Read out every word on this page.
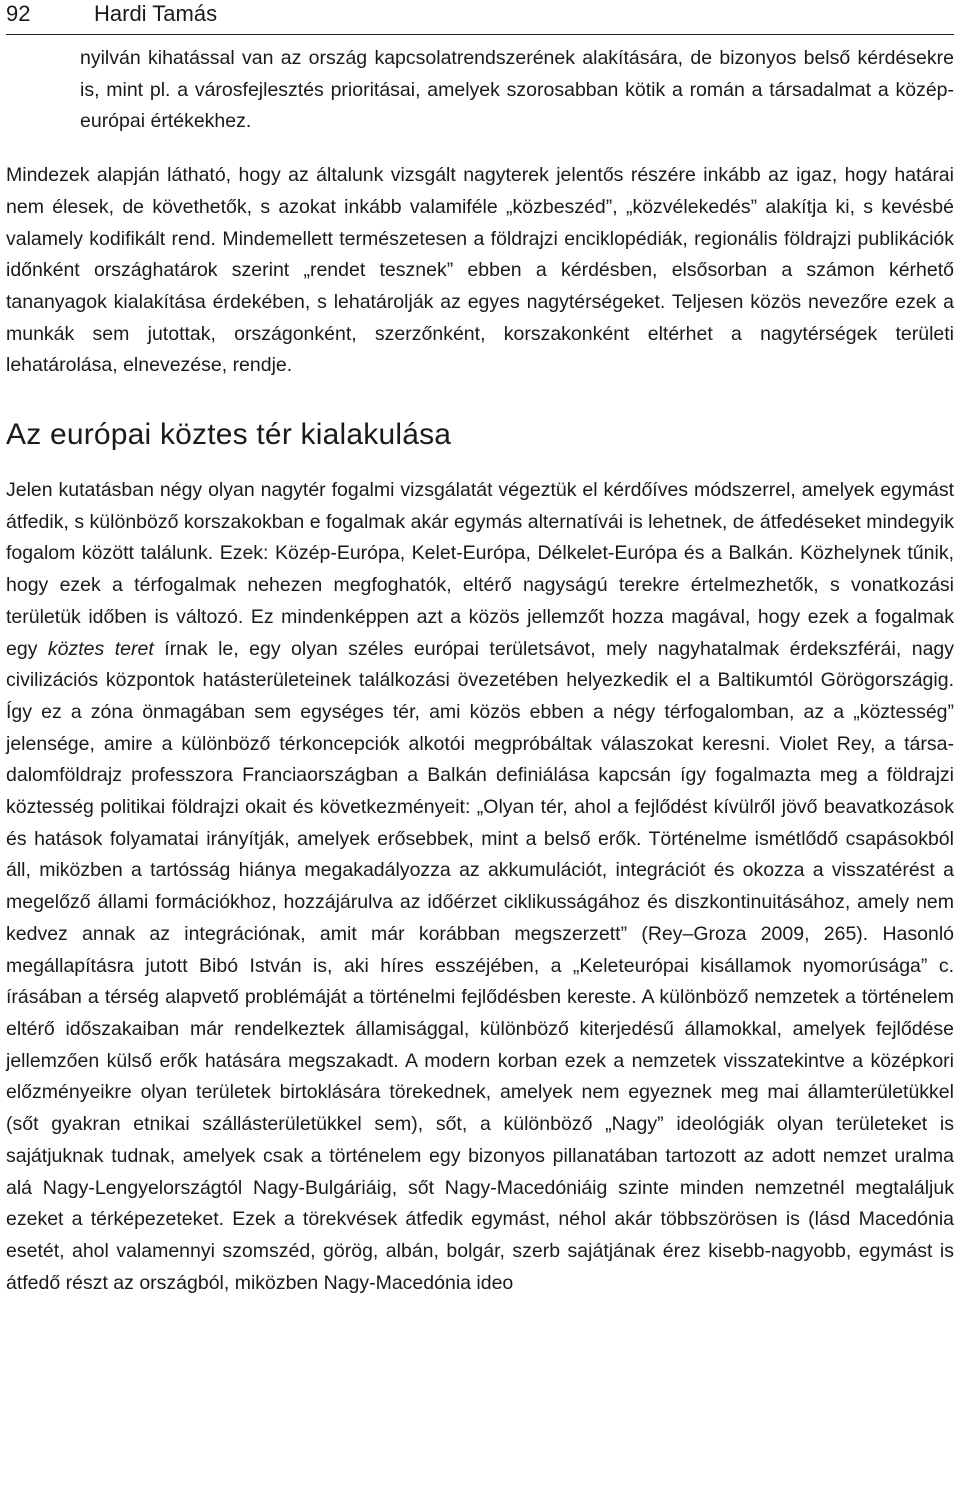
92	Hardi Tamás

nyilván kihatással van az ország kapcsolatrendszerének alakítására, de bizonyos belső kérdésekre is, mint pl. a városfejlesztés prioritásai, amelyek szorosabban kötik a román a társadalmat a közép-európai értékekhez.

Mindezek alapján látható, hogy az általunk vizsgált nagyterek jelentős részére inkább az igaz, hogy határai nem élesek, de követhetők, s azokat inkább valamiféle „közbeszéd”, „közvélekedés” alakítja ki, s kevésbé valamely kodifikált rend. Mindemellett természetesen a földrajzi enciklopédiák, regionális földrajzi publikációk időnként országhatárok szerint „rendet tesznek” ebben a kérdésben, elsősorban a számon kérhető tananyagok kialakítása érdekében, s lehatárolják az egyes nagytérségeket. Teljesen közös nevezőre ezek a munkák sem jutottak, országonként, szerzőnként, korszakonként eltérhet a nagytérségek területi lehatárolása, elnevezése, rendje.

Az európai köztes tér kialakulása

Jelen kutatásban négy olyan nagytér fogalmi vizsgálatát végeztük el kérdőíves módszerrel, amelyek egymást átfedik, s különböző korszakokban e fogalmak akár egymás alternatívái is lehetnek, de átfedéseket mindegyik fogalom között találunk. Ezek: Közép-Európa, Kelet-Európa, Délkelet-Európa és a Balkán. Közhelynek tűnik, hogy ezek a térfogalmak nehezen megfoghatók, eltérő nagyságú terekre értelmezhetők, s vonatkozási területük időben is változó. Ez mindenképpen azt a közös jellemzőt hozza magával, hogy ezek a fogalmak egy köztes teret írnak le, egy olyan széles európai területsávot, mely nagyhatalmak érdekszférái, nagy civilizációs központok hatásterületeinek találkozási övezetében helyezkedik el a Baltikumtól Görögországig. Így ez a zóna önmagában sem egységes tér, ami közös ebben a négy térfogalomban, az a „köztesség” jelensége, amire a különböző térkoncepciók alkotói megpróbáltak válaszokat keresni. Violet Rey, a társadalomföldrajz professzora Franciaországban a Balkán definiálása kapcsán így fogalmazta meg a földrajzi köztesség politikai földrajzi okait és következményeit: „Olyan tér, ahol a fejlődést kívülről jövő beavatkozások és hatások folyamatai irányítják, amelyek erősebbek, mint a belső erők. Történelme ismétlődő csapásokból áll, miközben a tartósság hiánya megakadályozza az akkumulációt, integrációt és okozza a visszatérést a megelőző állami formációkhoz, hozzájárulva az időérzet ciklikusságához és diszkontinuitásához, amely nem kedvez annak az integrációnak, amit már korábban megszerzett” (Rey–Groza 2009, 265). Hasonló megállapításra jutott Bibó István is, aki híres esszéjében, a „Keleteurópai kisállamok nyomorúsága” c. írásában a térség alapvető problémáját a történelmi fejlődésben kereste. A különböző nemzetek a történelem eltérő időszakaiban már rendelkeztek államisággal, különböző kiterjedésű államokkal, amelyek fejlődése jellemzően külső erők hatására megszakadt. A modern korban ezek a nemzetek visszatekintve a középkori előzményeikre olyan területek birtoklására törekednek, amelyek nem egyeznek meg mai államterületükkel (sőt gyakran etnikai szállásterületükkel sem), sőt, a különböző „Nagy” ideológiák olyan területeket is sajátjuknak tudnak, amelyek csak a történelem egy bizonyos pillanatában tartozott az adott nemzet uralma alá Nagy-Lengyelországtól Nagy-Bulgáriáig, sőt Nagy-Macedóniáig szinte minden nemzetnél megtaláljuk ezeket a térképezeteket. Ezek a törekvések átfedik egymást, néhol akár többszörösen is (lásd Macedónia esetét, ahol valamennyi szomszéd, görög, albán, bolgár, szerb sajátjának érez kisebb-nagyobb, egymást is átfedő részt az országból, miközben Nagy-Macedónia ideo
